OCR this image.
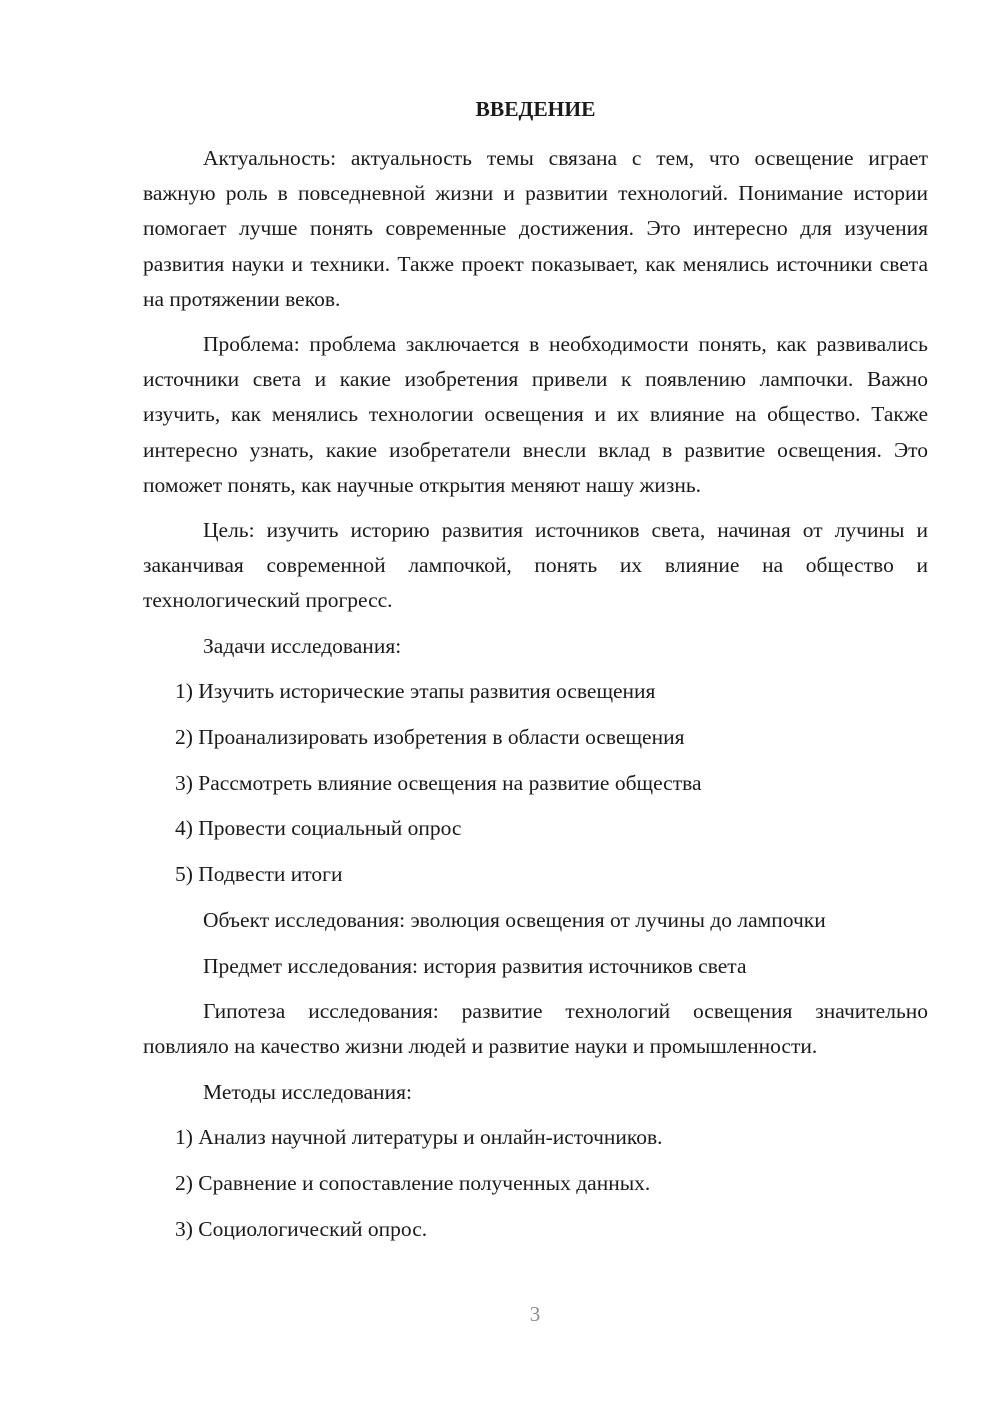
ВВЕДЕНИЕ

Актуальность: актуальность темы связана с тем, что освещение играет важную роль в повседневной жизни и развитии технологий. Понимание истории помогает лучше понять современные достижения. Это интересно для изучения развития науки и техники. Также проект показывает, как менялись источники света на протяжении веков.

Проблема: проблема заключается в необходимости понять, как развивались источники света и какие изобретения привели к появлению лампочки. Важно изучить, как менялись технологии освещения и их влияние на общество. Также интересно узнать, какие изобретатели внесли вклад в развитие освещения. Это поможет понять, как научные открытия меняют нашу жизнь.

Цель: изучить историю развития источников света, начиная от лучины и заканчивая современной лампочкой, понять их влияние на общество и технологический прогресс.

Задачи исследования:

1) Изучить исторические этапы развития освещения
2) Проанализировать изобретения в области освещения
3) Рассмотреть влияние освещения на развитие общества
4) Провести социальный опрос
5) Подвести итоги

Объект исследования: эволюция освещения от лучины до лампочки

Предмет исследования: история развития источников света

Гипотеза исследования: развитие технологий освещения значительно повлияло на качество жизни людей и развитие науки и промышленности.

Методы исследования:

1) Анализ научной литературы и онлайн-источников.
2) Сравнение и сопоставление полученных данных.
3) Социологический опрос.
3
